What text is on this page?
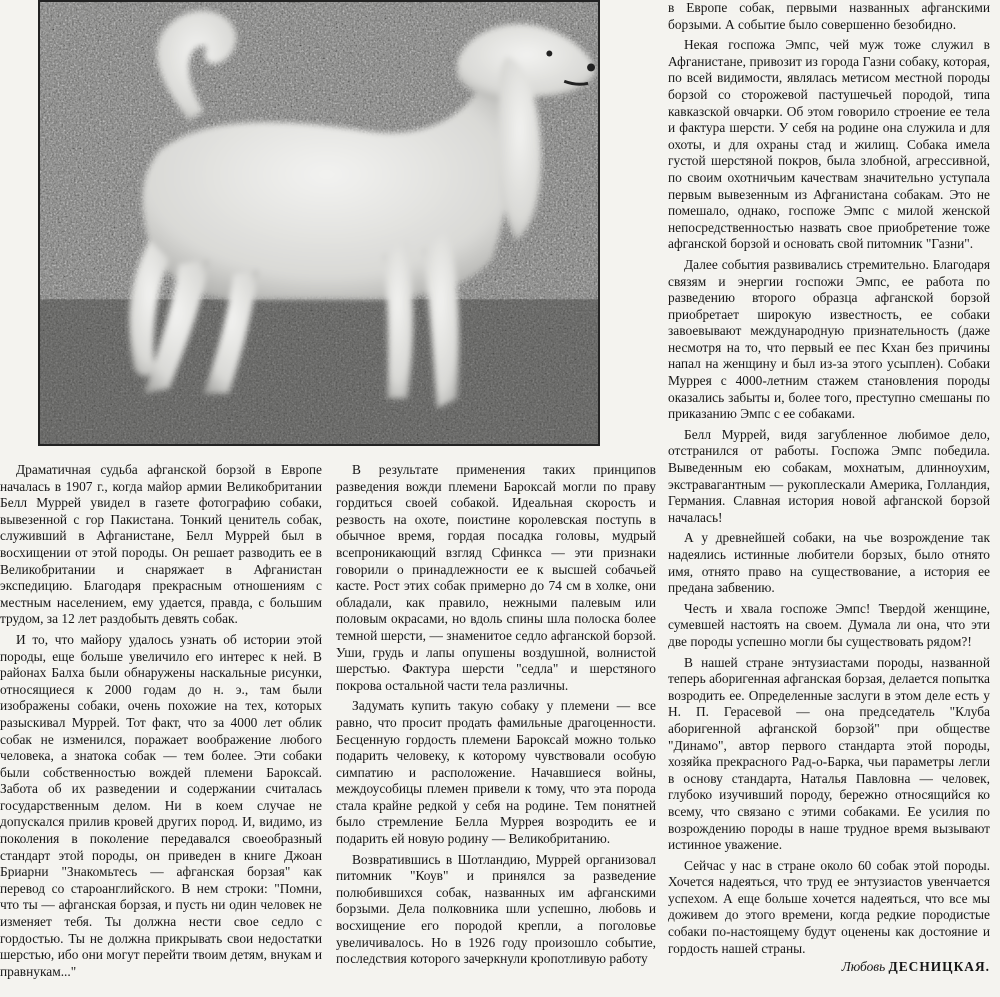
Драматичная судьба афганской борзой в Европе началась в 1907 г., когда майор армии Великобритании Белл Муррей увидел в газете фотографию собаки, вывезенной с гор Пакистана. Тонкий ценитель собак, служивший в Афганистане, Белл Муррей был в восхищении от этой породы. Он решает разводить ее в Великобритании и снаряжает в Афганистан экспедицию. Благодаря прекрасным отношениям с местным населением, ему удается, правда, с большим трудом, за 12 лет раздобыть девять собак.

И то, что майору удалось узнать об истории этой породы, еще больше увеличило его интерес к ней. В районах Балха были обнаружены наскальные рисунки, относящиеся к 2000 годам до н. э., там были изображены собаки, очень похожие на тех, которых разыскивал Муррей. Тот факт, что за 4000 лет облик собак не изменился, поражает воображение любого человека, а знатока собак — тем более. Эти собаки были собственностью вождей племени Бароксай. Забота об их разведении и содержании считалась государственным делом. Ни в коем случае не допускался прилив кровей других пород. И, видимо, из поколения в поколение передавался своеобразный стандарт этой породы, он приведен в книге Джоан Бриарни "Знакомьтесь — афганская борзая" как перевод со староанглийского. В нем строки: "Помни, что ты — афганская борзая, и пусть ни один человек не изменяет тебя. Ты должна нести свое седло с гордостью. Ты не должна прикрывать свои недостатки шерстью, ибо они могут перейти твоим детям, внукам и правнукам..."

В результате применения таких принципов разведения вожди племени Бароксай могли по праву гордиться своей собакой. Идеальная скорость и резвость на охоте, поистине королевская поступь в обычное время, гордая посадка головы, мудрый всепроникающий взгляд Сфинкса — эти признаки говорили о принадлежности ее к высшей собачьей касте. Рост этих собак примерно до 74 см в холке, они обладали, как правило, нежными палевым или половым окрасами, но вдоль спины шла полоска более темной шерсти, — знаменитое седло афганской борзой. Уши, грудь и лапы опушены воздушной, волнистой шерстью. Фактура шерсти "седла" и шерстяного покрова остальной части тела различны.

Задумать купить такую собаку у племени — все равно, что просит продать фамильные драгоценности. Бесценную гордость племени Бароксай можно только подарить человеку, к которому чувствовали особую симпатию и расположение. Начавшиеся войны, междоусобицы племен привели к тому, что эта порода стала крайне редкой у себя на родине. Тем понятней было стремление Белла Муррея возродить ее и подарить ей новую родину — Великобританию.

Возвратившись в Шотландию, Муррей организовал питомник "Коув" и принялся за разведение полюбившихся собак, названных им афганскими борзыми. Дела полковника шли успешно, любовь и восхищение его породой крепли, а поголовье увеличивалось. Но в 1926 году произошло событие, последствия которого зачеркнули кропотливую работу

в Европе собак, первыми названных афганскими борзыми. А событие было совершенно безобидно.

Некая госпожа Эмпс, чей муж тоже служил в Афганистане, привозит из города Газни собаку, которая, по всей видимости, являлась метисом местной породы борзой со сторожевой пастушечьей породой, типа кавказской овчарки. Об этом говорило строение ее тела и фактура шерсти. У себя на родине она служила и для охоты, и для охраны стад и жилищ. Собака имела густой шерстяной покров, была злобной, агрессивной, по своим охотничьим качествам значительно уступала первым вывезенным из Афганистана собакам. Это не помешало, однако, госпоже Эмпс с милой женской непосредственностью назвать свое приобретение тоже афганской борзой и основать свой питомник "Газни".

Далее события развивались стремительно. Благодаря связям и энергии госпожи Эмпс, ее работа по разведению второго образца афганской борзой приобретает широкую известность, ее собаки завоевывают международную признательность (даже несмотря на то, что первый ее пес Кхан без причины напал на женщину и был из-за этого усыплен). Собаки Муррея с 4000-летним стажем становления породы оказались забыты и, более того, преступно смешаны по приказанию Эмпс с ее собаками.

Белл Муррей, видя загубленное любимое дело, отстранился от работы. Госпожа Эмпс победила. Выведенным ею собакам, мохнатым, длинноухим, экстравагантным — рукоплескали Америка, Голландия, Германия. Славная история новой афганской борзой началась!

А у древнейшей собаки, на чье возрождение так надеялись истинные любители борзых, было отнято имя, отнято право на существование, а история ее предана забвению.

Честь и хвала госпоже Эмпс! Твердой женщине, сумевшей настоять на своем. Думала ли она, что эти две породы успешно могли бы существовать рядом?!

В нашей стране энтузиастами породы, названной теперь аборигенная афганская борзая, делается попытка возродить ее. Определенные заслуги в этом деле есть у Н. П. Герасевой — она председатель "Клуба аборигенной афганской борзой" при обществе "Динамо", автор первого стандарта этой породы, хозяйка прекрасного Рад-о-Барка, чьи параметры легли в основу стандарта, Наталья Павловна — человек, глубоко изучивший породу, бережно относящийся ко всему, что связано с этими собаками. Ее усилия по возрождению породы в наше трудное время вызывают истинное уважение.

Сейчас у нас в стране около 60 собак этой породы. Хочется надеяться, что труд ее энтузиастов увенчается успехом. А еще больше хочется надеяться, что все мы доживем до этого времени, когда редкие породистые собаки по-настоящему будут оценены как достояние и гордость нашей страны.

Любовь ДЕСНИЦКАЯ.
